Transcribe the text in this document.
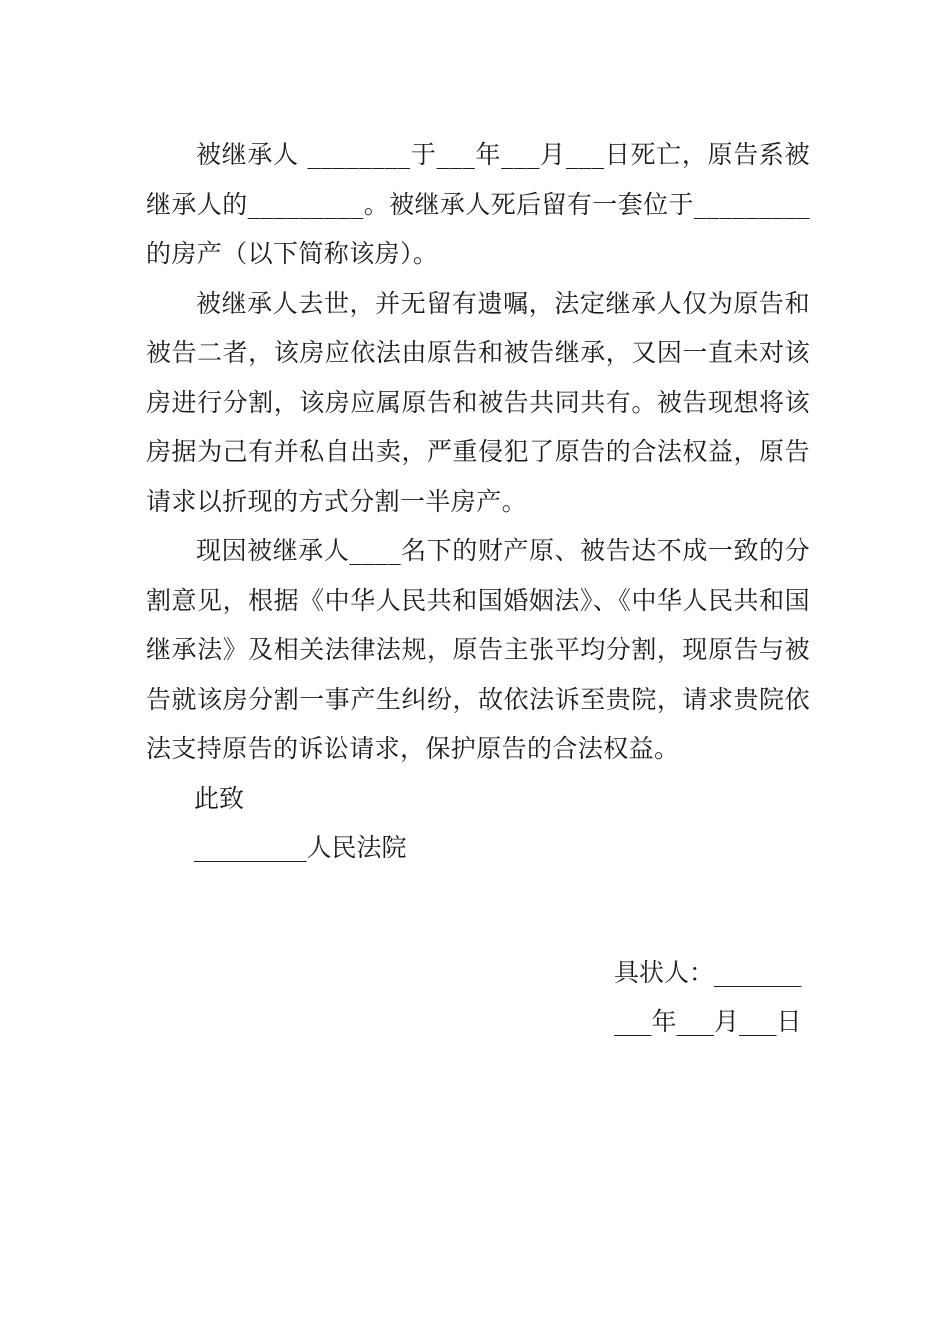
被继承人 ________于___年___月___日死亡，原告系被继承人的_________。被继承人死后留有一套位于_________的房产（以下简称该房）。

被继承人去世，并无留有遗嘱，法定继承人仅为原告和被告二者，该房应依法由原告和被告继承，又因一直未对该房进行分割，该房应属原告和被告共同共有。被告现想将该房据为己有并私自出卖，严重侵犯了原告的合法权益，原告请求以折现的方式分割一半房产。

现因被继承人____名下的财产原、被告达不成一致的分割意见，根据《中华人民共和国婚姻法》、《中华人民共和国继承法》及相关法律法规，原告主张平均分割，现原告与被告就该房分割一事产生纠纷，故依法诉至贵院，请求贵院依法支持原告的诉讼请求，保护原告的合法权益。

此致

_________人民法院

具状人：_______

___年___月___日
